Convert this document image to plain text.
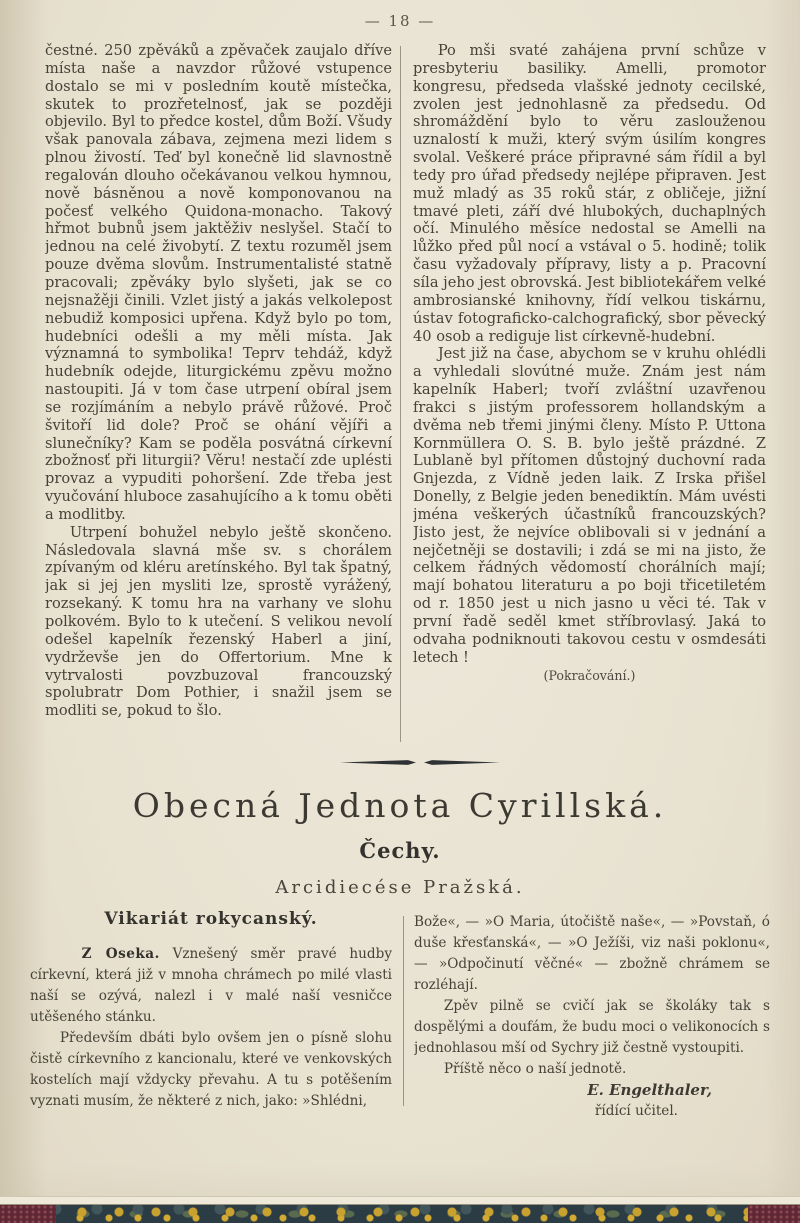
— 18 —

čestné. 250 zpěváků a zpěvaček zaujalo dříve místa naše a navzdor růžové vstupence dostalo se mi v posledním koutě místečka, skutek to prozřetelnosť, jak se později objevilo. Byl to předce kostel, dům Boží. Všudy však panovala zábava, zejmena mezi lidem s plnou živostí. Teď byl konečně lid slavnostně regalován dlouho očekávanou velkou hymnou, nově básněnou a nově komponovanou na počesť velkého Quidona-monacho. Takový hřmot bubnů jsem jaktěživ neslyšel. Stačí to jednou na celé živobytí. Z textu rozuměl jsem pouze dvěma slovům. Instrumentalisté statně pracovali; zpěváky bylo slyšeti, jak se co nejsnažěji činili. Vzlet jistý a jakás velkolepost nebudiž komposici upřena. Když bylo po tom, hudebníci odešli a my měli místa. Jak významná to symbolika! Teprv tehdáž, když hudebník odejde, liturgickému zpěvu možno nastoupiti. Já v tom čase utrpení obíral jsem se rozjímáním a nebylo právě růžové. Proč švitoří lid dole? Proč se ohání vějíři a slunečníky? Kam se poděla posvátná církevní zbožnosť při liturgii? Věru! nestačí zde uplésti provaz a vypuditi pohoršení. Zde třeba jest vyučování hluboce zasahujícího a k tomu oběti a modlitby.

Utrpení bohužel nebylo ještě skončeno. Následovala slavná mše sv. s chorálem zpívaným od kléru aretínského. Byl tak špatný, jak si jej jen mysliti lze, sprostě vyrážený, rozsekaný. K tomu hra na varhany ve slohu polkovém. Bylo to k utečení. S velikou nevolí odešel kapelník řezenský Haberl a jiní, vydrževše jen do Offertorium. Mne k vytrvalosti povzbuzoval francouzský spolubratr Dom Pothier, i snažil jsem se modliti se, pokud to šlo.

Po mši svaté zahájena první schůze v presbyteriu basiliky. Amelli, promotor kongresu, předseda vlašské jednoty cecilské, zvolen jest jednohlasně za předsedu. Od shromáždění bylo to věru zaslouženou uznalostí k muži, který svým úsilím kongres svolal. Veškeré práce připravné sám řídil a byl tedy pro úřad předsedy nejlépe připraven. Jest muž mladý as 35 roků stár, z obličeje, jižní tmavé pleti, září dvé hlubokých, duchaplných očí. Minulého měsíce nedostal se Amelli na lůžko před půl nocí a vstával o 5. hodině; tolik času vyžadovaly přípravy, listy a p. Pracovní síla jeho jest obrovská. Jest bibliotekářem velké ambrosianské knihovny, řídí velkou tiskárnu, ústav fotograficko-calchografický, sbor pěvecký 40 osob a rediguje list církevně-hudební.

Jest již na čase, abychom se v kruhu ohlédli a vyhledali slovútné muže. Znám jest nám kapelník Haberl; tvoří zvláštní uzavřenou frakci s jistým professorem hollandským a dvěma neb třemi jinými členy. Místo P. Uttona Kornmüllera O. S. B. bylo ještě prázdné. Z Lublaně byl přítomen důstojný duchovní rada Gnjezda, z Vídně jeden laik. Z Irska přišel Donelly, z Belgie jeden benediktín. Mám uvésti jména veškerých účastníků francouzských? Jisto jest, že nejvíce oblibovali si v jednání a nejčetněji se dostavili; i zdá se mi na jisto, že celkem řádných vědomostí chorálních mají; mají bohatou literaturu a po boji třicetiletém od r. 1850 jest u nich jasno u věci té. Tak v první řadě seděl kmet stříbrovlasý. Jaká to odvaha podniknouti takovou cestu v osmdesáti letech !

(Pokračování.)

Obecná Jednota Cyrillská.
Čechy.
Arcidiecése Pražská.
Vikariát rokycanský.

Z Oseka. Vznešený směr pravé hudby církevní, která již v mnoha chrámech po milé vlasti naší se ozývá, nalezl i v malé naší vesničce utěšeného stánku.

Především dbáti bylo ovšem jen o písně slohu čistě církevního z kancionalu, které ve venkovských kostelích mají vždycky převahu. A tu s potěšením vyznati musím, že některé z nich, jako: »Shlédni,

Bože«, — »O Maria, útočiště naše«, — »Povstaň, ó duše křesťanská«, — »O Ježíši, viz naši poklonu«, — »Odpočinutí věčné« — zbožně chrámem se rozléhají.

Zpěv pilně se cvičí jak se školáky tak s dospělými a doufám, že budu moci o velikonocích s jednohlasou mší od Sychry již čestně vystoupiti.

Příště něco o naší jednotě.

E. Engelthaler,

řídící učitel.
